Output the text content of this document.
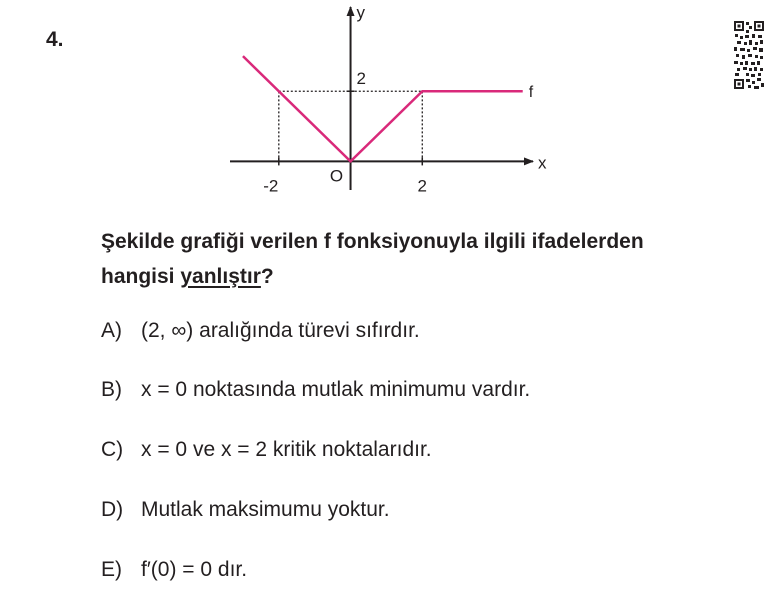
4.
-2	2
2
x
y
O
f
Şekilde grafiği verilen f fonksiyonuyla ilgili ifadelerden
hangisi yanlıştır?
A) (2, ∞) aralığında türevi sıfırdır.
B) x = 0 noktasında mutlak minimumu vardır.
C) x = 0 ve x = 2 kritik noktalarıdır.
D) Mutlak maksimumu yoktur.
E) f′(0) = 0 dır.
